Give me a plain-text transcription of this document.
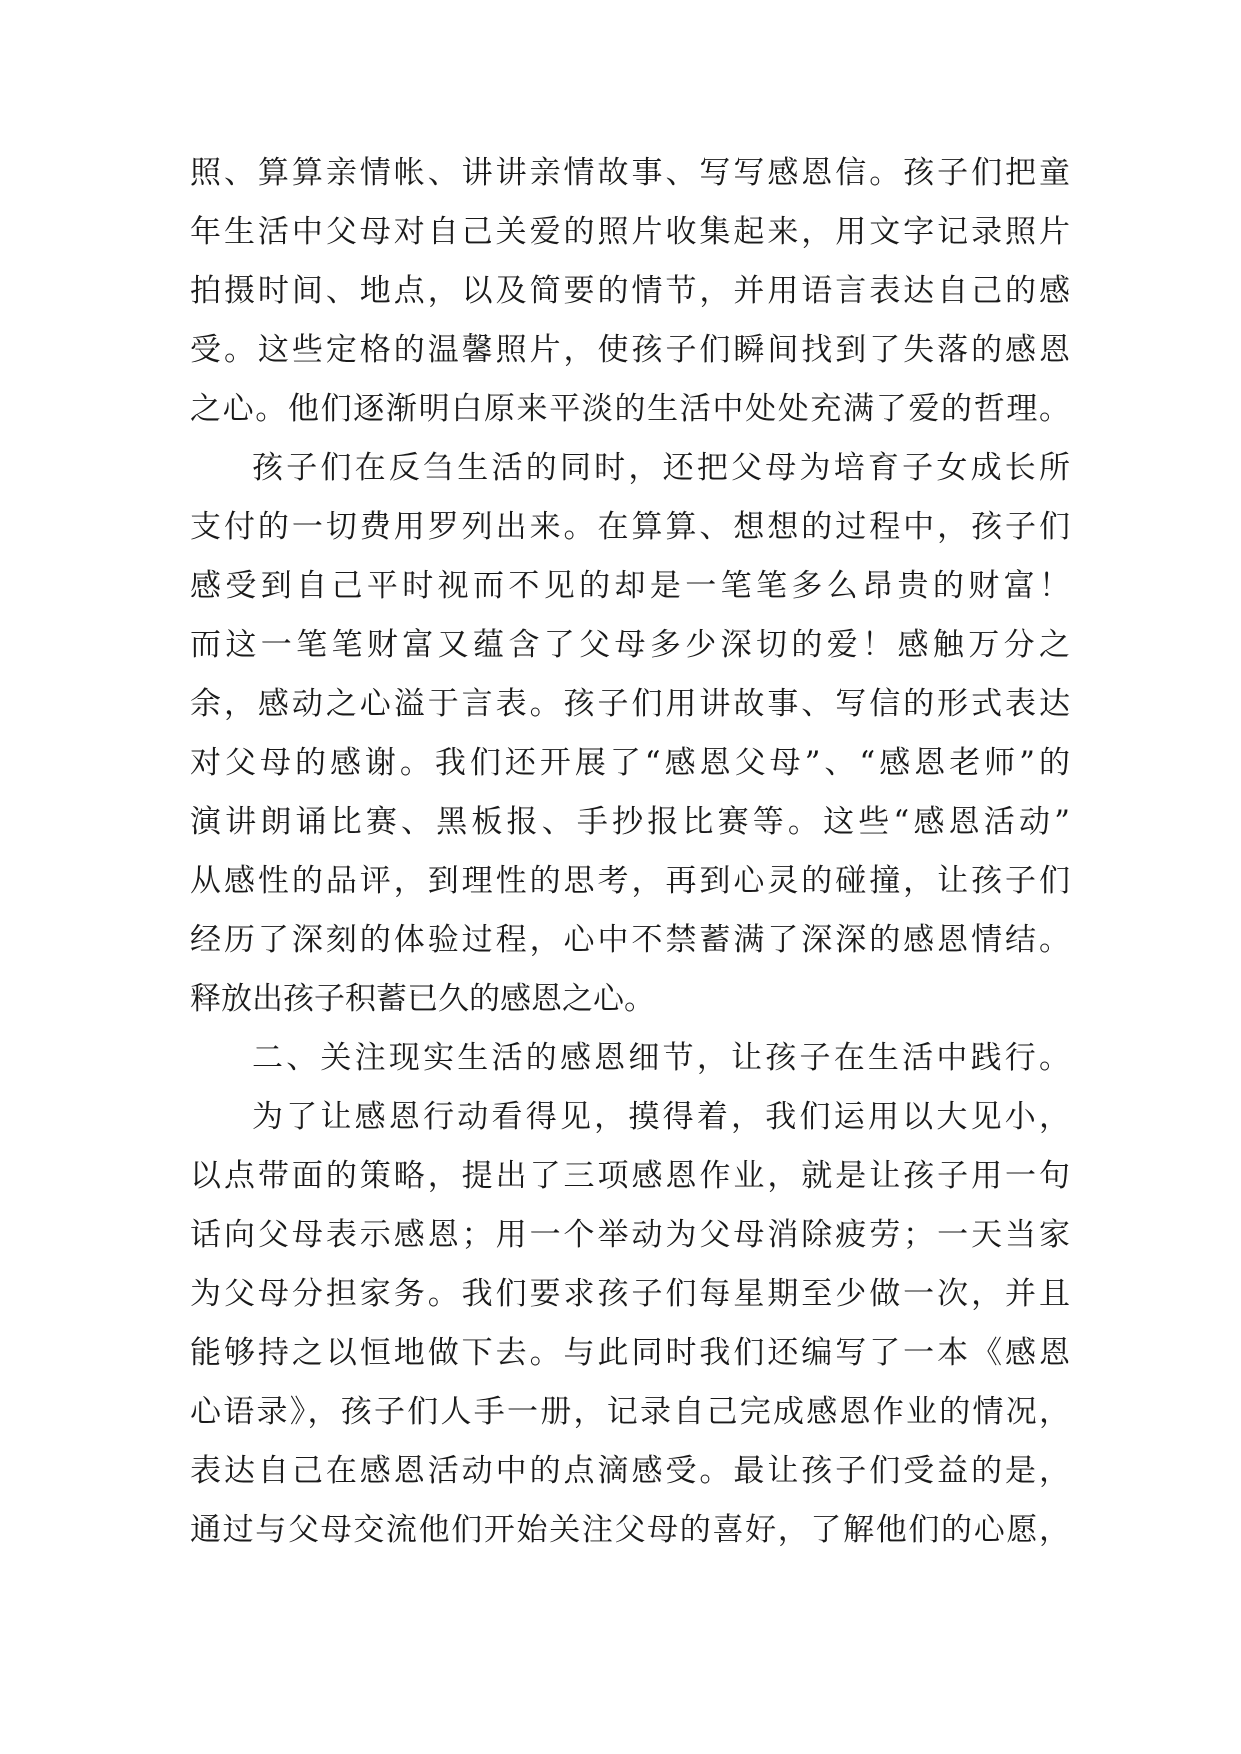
照、算算亲情帐、讲讲亲情故事、写写感恩信。孩子们把童
年生活中父母对自己关爱的照片收集起来，用文字记录照片
拍摄时间、地点，以及简要的情节，并用语言表达自己的感
受。这些定格的温馨照片，使孩子们瞬间找到了失落的感恩
之心。他们逐渐明白原来平淡的生活中处处充满了爱的哲理。
孩子们在反刍生活的同时，还把父母为培育子女成长所
支付的一切费用罗列出来。在算算、想想的过程中，孩子们
感受到自己平时视而不见的却是一笔笔多么昂贵的财富！
而这一笔笔财富又蕴含了父母多少深切的爱！感触万分之
余，感动之心溢于言表。孩子们用讲故事、写信的形式表达
对父母的感谢。我们还开展了“感恩父母”、“感恩老师”的
演讲朗诵比赛、黑板报、手抄报比赛等。这些“感恩活动”
从感性的品评，到理性的思考，再到心灵的碰撞，让孩子们
经历了深刻的体验过程，心中不禁蓄满了深深的感恩情结。
释放出孩子积蓄已久的感恩之心。
二、关注现实生活的感恩细节，让孩子在生活中践行。
为了让感恩行动看得见，摸得着，我们运用以大见小，
以点带面的策略，提出了三项感恩作业，就是让孩子用一句
话向父母表示感恩；用一个举动为父母消除疲劳；一天当家
为父母分担家务。我们要求孩子们每星期至少做一次，并且
能够持之以恒地做下去。与此同时我们还编写了一本《感恩
心语录》，孩子们人手一册，记录自己完成感恩作业的情况，
表达自己在感恩活动中的点滴感受。最让孩子们受益的是，
通过与父母交流他们开始关注父母的喜好，了解他们的心愿，
